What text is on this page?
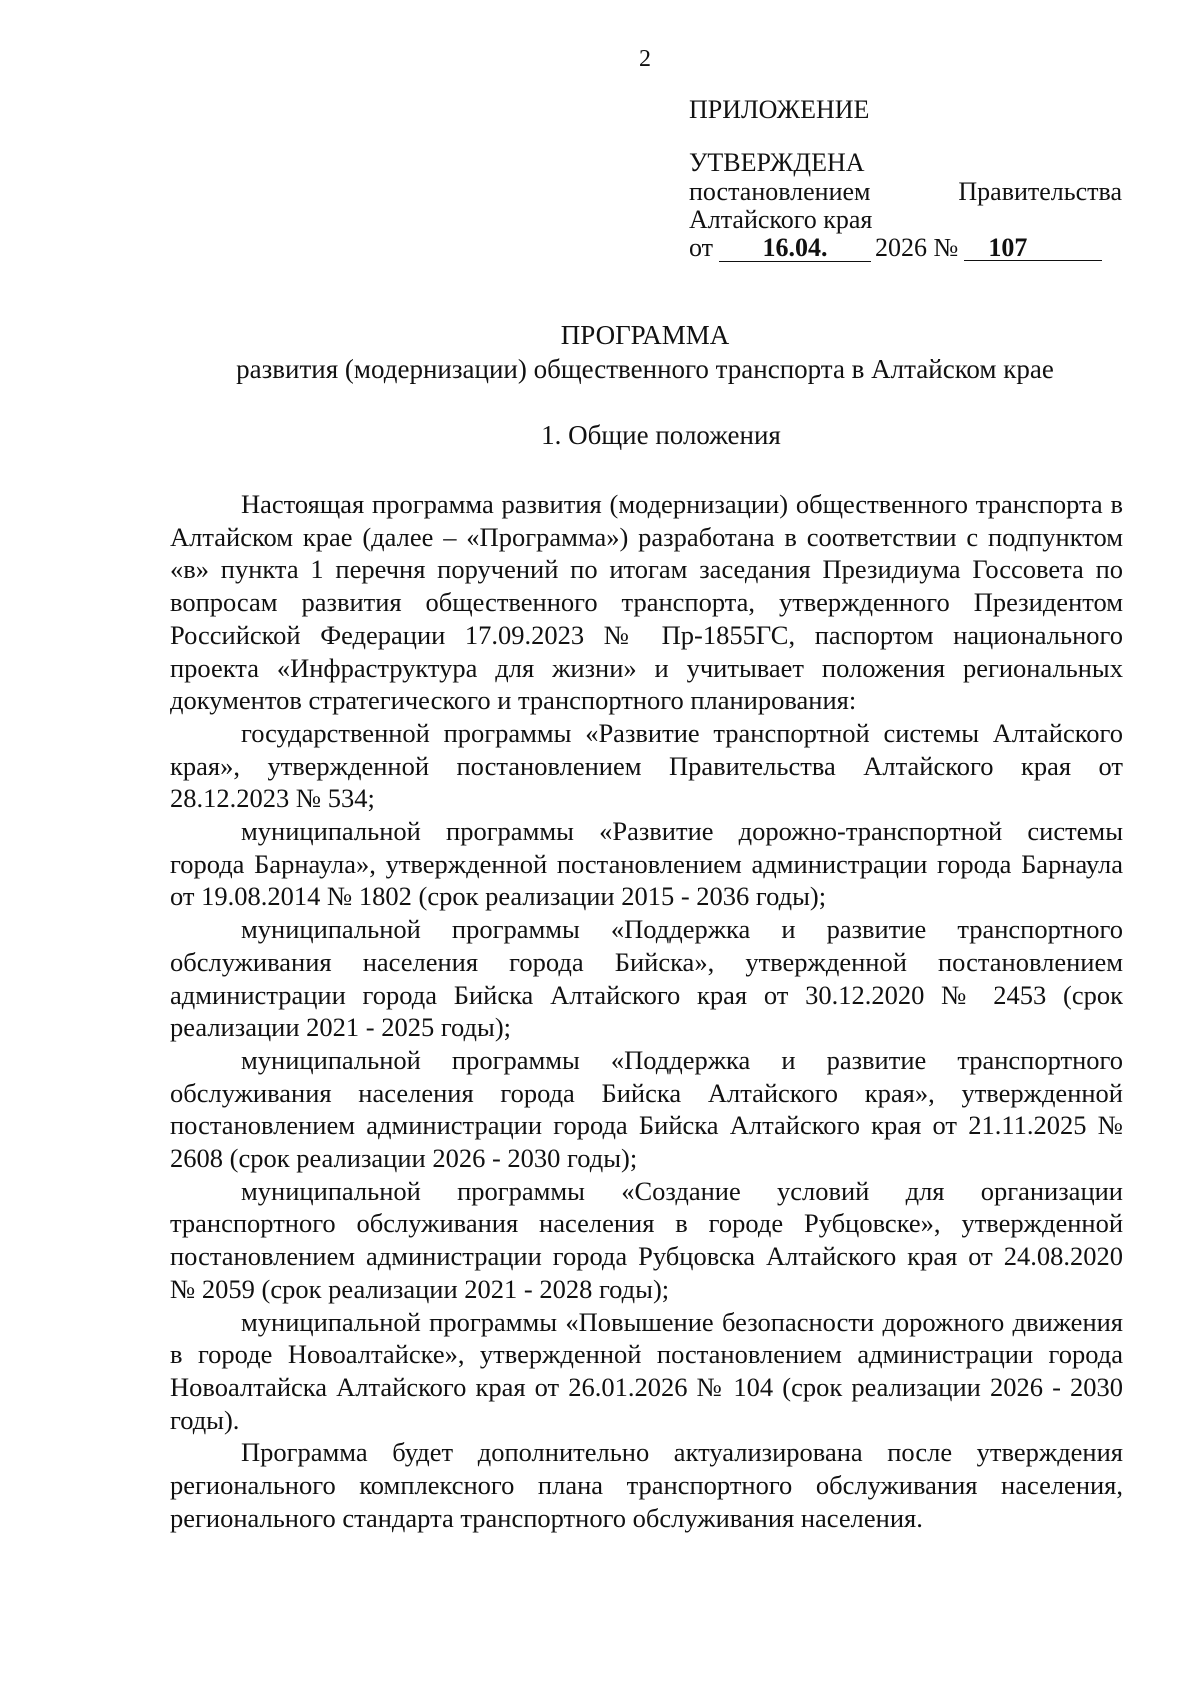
2
ПРИЛОЖЕНИЕ
УТВЕРЖДЕНА
постановлением	Правительства
Алтайского края
от	16.04.	2026 №	107
ПРОГРАММА
развития (модернизации) общественного транспорта в Алтайском крае
1. Общие положения

Настоящая программа развития (модернизации) общественного транспорта в Алтайском крае (далее – «Программа») разработана в соответствии с подпунктом «в» пункта 1 перечня поручений по итогам заседания Президиума Госсовета по вопросам развития общественного транспорта, утвержденного Президентом Российской Федерации 17.09.2023 № Пр-1855ГС, паспортом национального проекта «Инфраструктура для жизни» и учитывает положения региональных документов стратегического и транспортного планирования:

государственной программы «Развитие транспортной системы Алтайского края», утвержденной постановлением Правительства Алтайского края от 28.12.2023 № 534;

муниципальной программы «Развитие дорожно-транспортной системы города Барнаула», утвержденной постановлением администрации города Барнаула от 19.08.2014 № 1802 (срок реализации 2015 - 2036 годы);

муниципальной программы «Поддержка и развитие транспортного обслуживания населения города Бийска», утвержденной постановлением администрации города Бийска Алтайского края от 30.12.2020 № 2453 (срок реализации 2021 - 2025 годы);

муниципальной программы «Поддержка и развитие транспортного обслуживания населения города Бийска Алтайского края», утвержденной постановлением администрации города Бийска Алтайского края от 21.11.2025 № 2608 (срок реализации 2026 - 2030 годы);

муниципальной программы «Создание условий для организации транспортного обслуживания населения в городе Рубцовске», утвержденной постановлением администрации города Рубцовска Алтайского края от 24.08.2020 № 2059 (срок реализации 2021 - 2028 годы);

муниципальной программы «Повышение безопасности дорожного движения в городе Новоалтайске», утвержденной постановлением администрации города Новоалтайска Алтайского края от 26.01.2026 № 104 (срок реализации 2026 - 2030 годы).

Программа будет дополнительно актуализирована после утверждения регионального комплексного плана транспортного обслуживания населения, регионального стандарта транспортного обслуживания населения.
